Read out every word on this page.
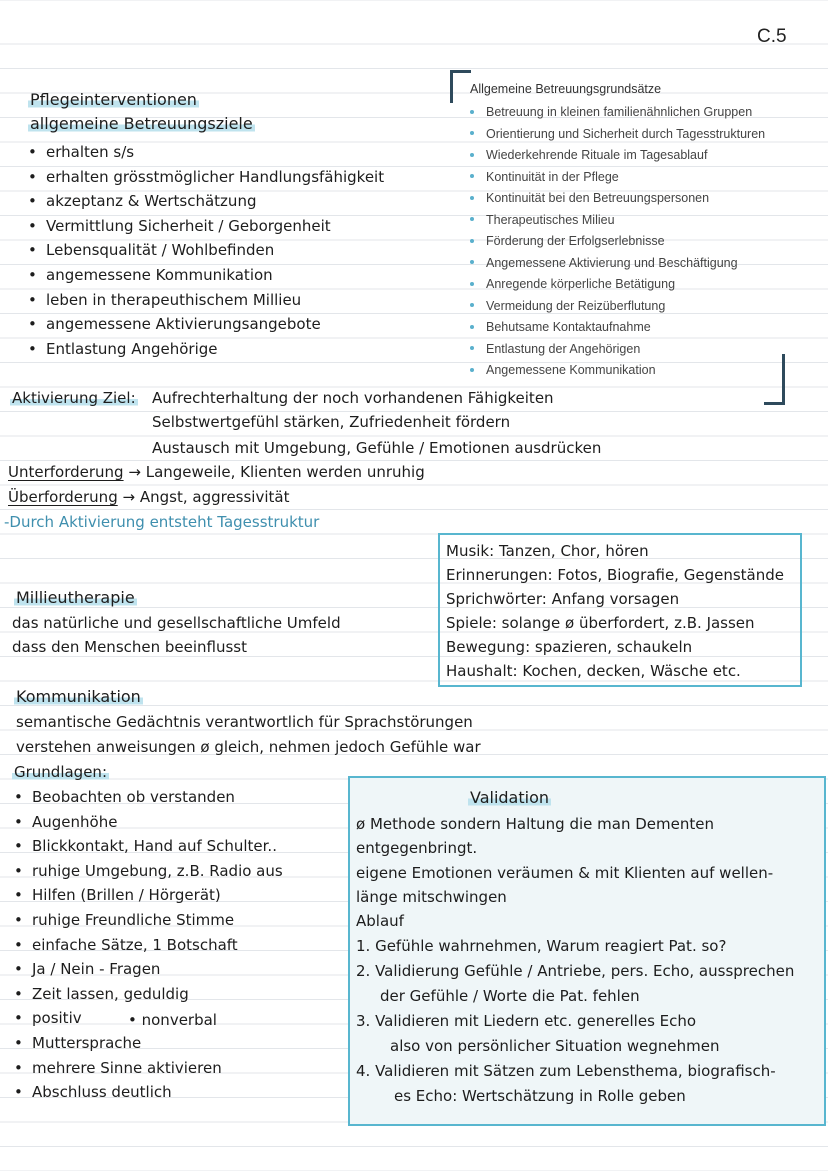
C.5
Allgemeine Betreuungsgrundsätze
Betreuung in kleinen familienähnlichen Gruppen
Orientierung und Sicherheit durch Tagesstrukturen
Wiederkehrende Rituale im Tagesablauf
Kontinuität in der Pflege
Kontinuität bei den Betreuungspersonen
Therapeutisches Milieu
Förderung der Erfolgserlebnisse
Angemessene Aktivierung und Beschäftigung
Anregende körperliche Betätigung
Vermeidung der Reizüberflutung
Behutsame Kontaktaufnahme
Entlastung der Angehörigen
Angemessene Kommunikation
Pflegeinterventionen
allgemeine Betreuungsziele
• erhalten s/s
• erhalten grösstmöglicher Handlungsfähigkeit
• akzeptanz & Wertschätzung
• Vermittlung Sicherheit / Geborgenheit
• Lebensqualität / Wohlbefinden
• angemessene Kommunikation
• leben in therapeuthischem Millieu
• angemessene Aktivierungsangebote
• Entlastung Angehörige
Aktivierung Ziel: Aufrechterhaltung der noch vorhandenen Fähigkeiten
Selbstwertgefühl stärken, Zufriedenheit fördern
Austausch mit Umgebung, Gefühle / Emotionen ausdrücken
Unterforderung → Langeweile, Klienten werden unruhig
Überforderung → Angst, aggressivität
-Durch Aktivierung entsteht Tagesstruktur
Musik: Tanzen, Chor, hören
Erinnerungen: Fotos, Biografie, Gegenstände
Sprichwörter: Anfang vorsagen
Spiele: solange ø überfordert, z.B. Jassen
Bewegung: spazieren, schaukeln
Haushalt: Kochen, decken, Wäsche etc.
Millieutherapie
das natürliche und gesellschaftliche Umfeld
dass den Menschen beeinflusst
Kommunikation
semantische Gedächtnis verantwortlich für Sprachstörungen
verstehen anweisungen ø gleich, nehmen jedoch Gefühle war
Grundlagen:
• Beobachten ob verstanden
• Augenhöhe
• Blickkontakt, Hand auf Schulter..
• ruhige Umgebung, z.B. Radio aus
• Hilfen (Brillen / Hörgerät)
• ruhige Freundliche Stimme
• einfache Sätze, 1 Botschaft
• Ja / Nein - Fragen
• Zeit lassen, geduldig
• positiv
• Muttersprache
• mehrere Sinne aktivieren
• Abschluss deutlich
• nonverbal
Validation
ø Methode sondern Haltung die man Dementen
entgegenbringt.
eigene Emotionen veräumen & mit Klienten auf wellen-
länge mitschwingen
Ablauf
1. Gefühle wahrnehmen, Warum reagiert Pat. so?
2. Validierung Gefühle / Antriebe, pers. Echo, aussprechen
der Gefühle / Worte die Pat. fehlen
3. Validieren mit Liedern etc. generelles Echo
also von persönlicher Situation wegnehmen
4. Validieren mit Sätzen zum Lebensthema, biografisch-
es Echo: Wertschätzung in Rolle geben
